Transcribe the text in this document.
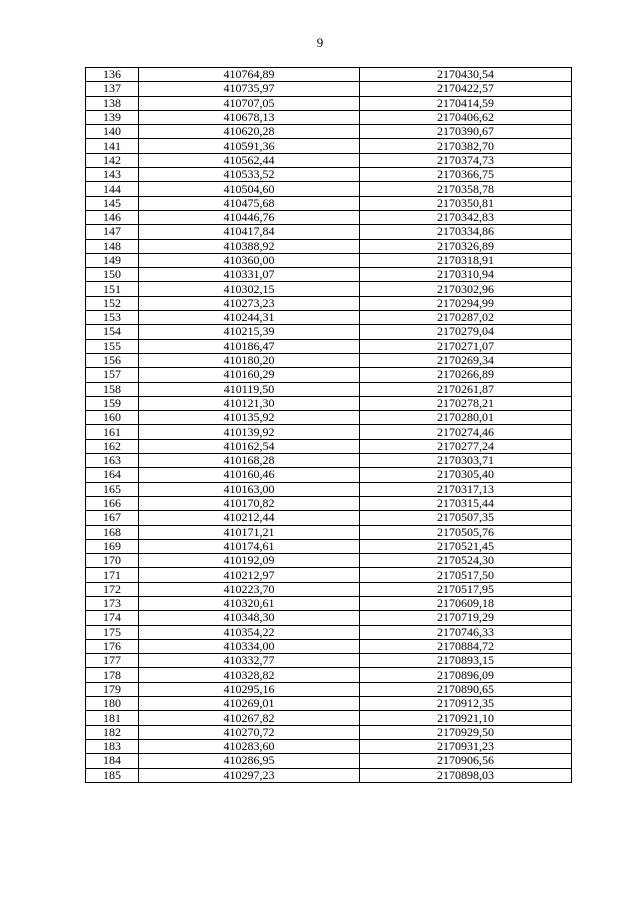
9
136	410764,89	2170430,54
137	410735,97	2170422,57
138	410707,05	2170414,59
139	410678,13	2170406,62
140	410620,28	2170390,67
141	410591,36	2170382,70
142	410562,44	2170374,73
143	410533,52	2170366,75
144	410504,60	2170358,78
145	410475,68	2170350,81
146	410446,76	2170342,83
147	410417,84	2170334,86
148	410388,92	2170326,89
149	410360,00	2170318,91
150	410331,07	2170310,94
151	410302,15	2170302,96
152	410273,23	2170294,99
153	410244,31	2170287,02
154	410215,39	2170279,04
155	410186,47	2170271,07
156	410180,20	2170269,34
157	410160,29	2170266,89
158	410119,50	2170261,87
159	410121,30	2170278,21
160	410135,92	2170280,01
161	410139,92	2170274,46
162	410162,54	2170277,24
163	410168,28	2170303,71
164	410160,46	2170305,40
165	410163,00	2170317,13
166	410170,82	2170315,44
167	410212,44	2170507,35
168	410171,21	2170505,76
169	410174,61	2170521,45
170	410192,09	2170524,30
171	410212,97	2170517,50
172	410223,70	2170517,95
173	410320,61	2170609,18
174	410348,30	2170719,29
175	410354,22	2170746,33
176	410334,00	2170884,72
177	410332,77	2170893,15
178	410328,82	2170896,09
179	410295,16	2170890,65
180	410269,01	2170912,35
181	410267,82	2170921,10
182	410270,72	2170929,50
183	410283,60	2170931,23
184	410286,95	2170906,56
185	410297,23	2170898,03
